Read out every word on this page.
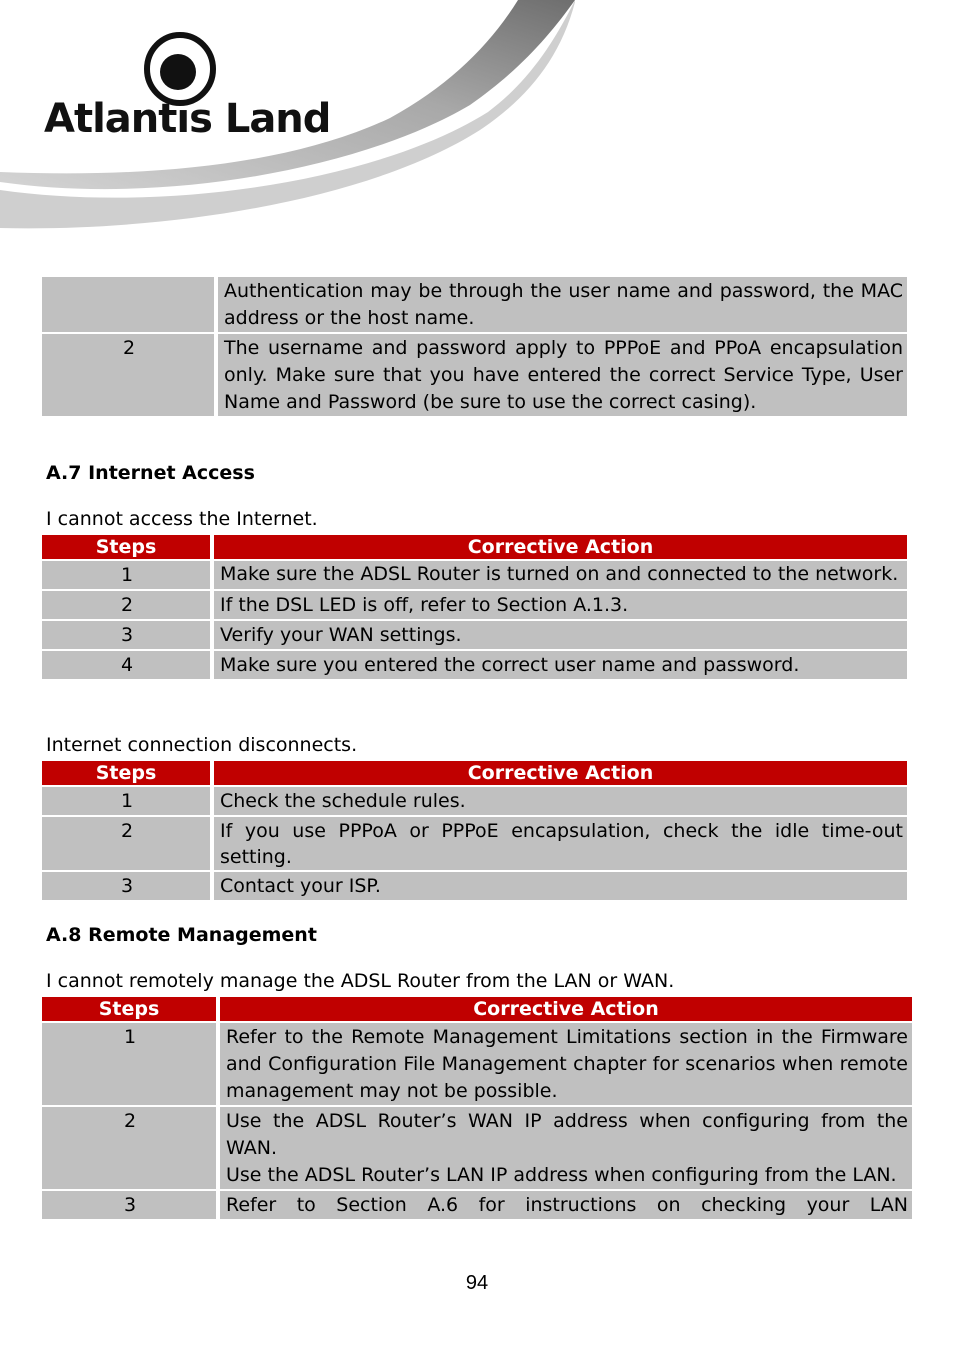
Atlantıs Land
	Authentication may be through the user name and password, the MAC address or the host name.
2	The username and password apply to PPPoE and PPoA encapsulation only. Make sure that you have entered the correct Service Type, User Name and Password (be sure to use the correct casing).
A.7 Internet Access
I cannot access the Internet.
Steps	Corrective Action
1	Make sure the ADSL Router is turned on and connected to the network.
2	If the DSL LED is off, refer to Section A.1.3.
3	Verify your WAN settings.
4	Make sure you entered the correct user name and password.
Internet connection disconnects.
Steps	Corrective Action
1	Check the schedule rules.
2	If you use PPPoA or PPPoE encapsulation, check the idle time-out setting.
3	Contact your ISP.
A.8 Remote Management
I cannot remotely manage the ADSL Router from the LAN or WAN.
Steps	Corrective Action
1	Refer to the Remote Management Limitations section in the Firmware and Configuration File Management chapter for scenarios when remote management may not be possible.
2	Use the ADSL Router’s WAN IP address when configuring from the WAN.
Use the ADSL Router’s LAN IP address when configuring from the LAN.

3	Refer to Section A.6 for instructions on checking your LAN
94
